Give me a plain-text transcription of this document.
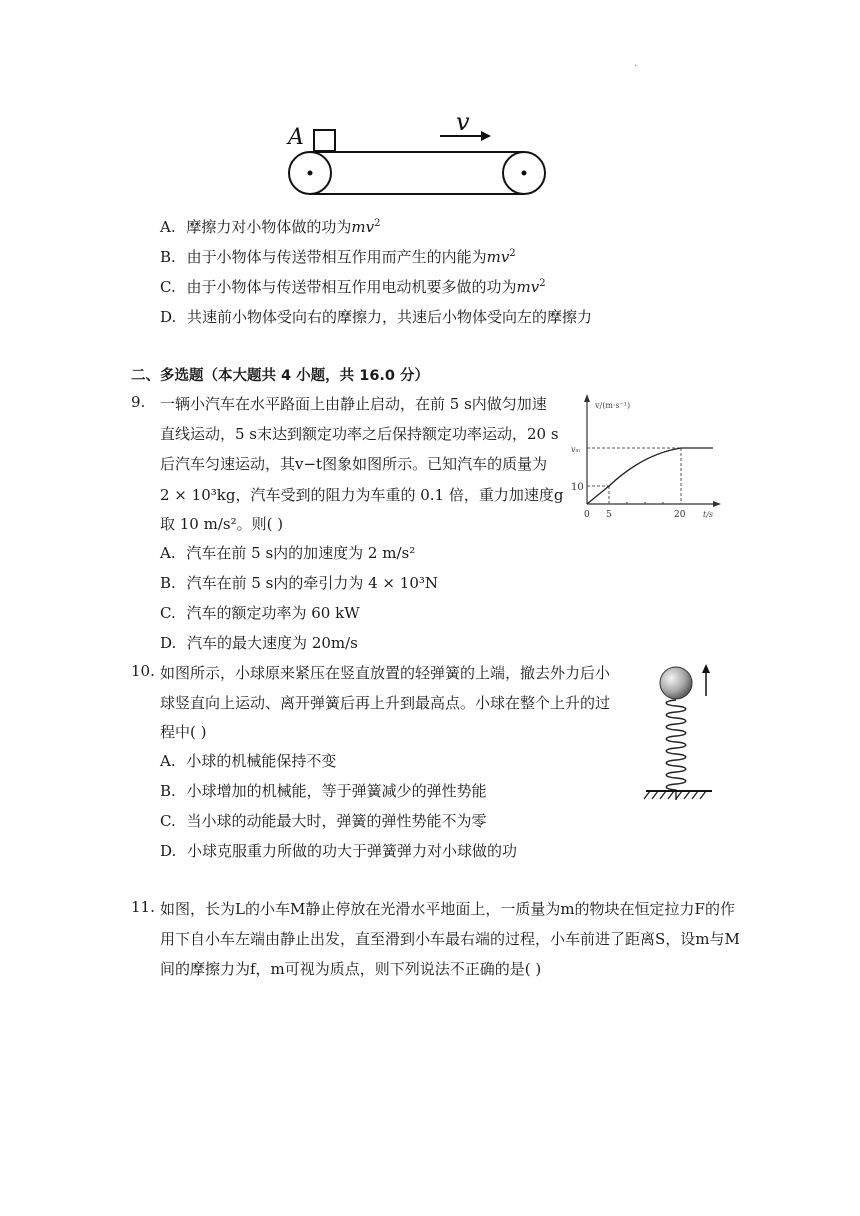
.
A
v
A. 摩擦力对小物体做的功为$mv^2$
B. 由于小物体与传送带相互作用而产生的内能为$mv^2$
C. 由于小物体与传送带相互作用电动机要多做的功为$mv^2$
D. 共速前小物体受向右的摩擦力，共速后小物体受向左的摩擦力
二、多选题（本大题共 4 小题，共 16.0 分）
9. 一辆小汽车在水平路面上由静止启动，在前 5 s内做匀加速
直线运动，5 s末达到额定功率之后保持额定功率运动，20 s
后汽车匀速运动，其v−t图象如图所示。已知汽车的质量为
2 × 10³kg，汽车受到的阻力为车重的 0.1 倍，重力加速度g
取 10 m/s²。则( )
v/(m·s⁻¹)
vₘ
10
0 5	20 t/s
A. 汽车在前 5 s内的加速度为 2 m/s²
B. 汽车在前 5 s内的牵引力为 4 × 10³N
C. 汽车的额定功率为 60 kW
D. 汽车的最大速度为 20m/s
10. 如图所示，小球原来紧压在竖直放置的轻弹簧的上端，撤去外力后小
球竖直向上运动、离开弹簧后再上升到最高点。小球在整个上升的过
程中( )
A. 小球的机械能保持不变
B. 小球增加的机械能，等于弹簧减少的弹性势能
C. 当小球的动能最大时，弹簧的弹性势能不为零
D. 小球克服重力所做的功大于弹簧弹力对小球做的功
11. 如图，长为L的小车M静止停放在光滑水平地面上，一质量为m的物块在恒定拉力F的作
用下自小车左端由静止出发，直至滑到小车最右端的过程，小车前进了距离S，设m与M
间的摩擦力为f，m可视为质点，则下列说法不正确的是( )
